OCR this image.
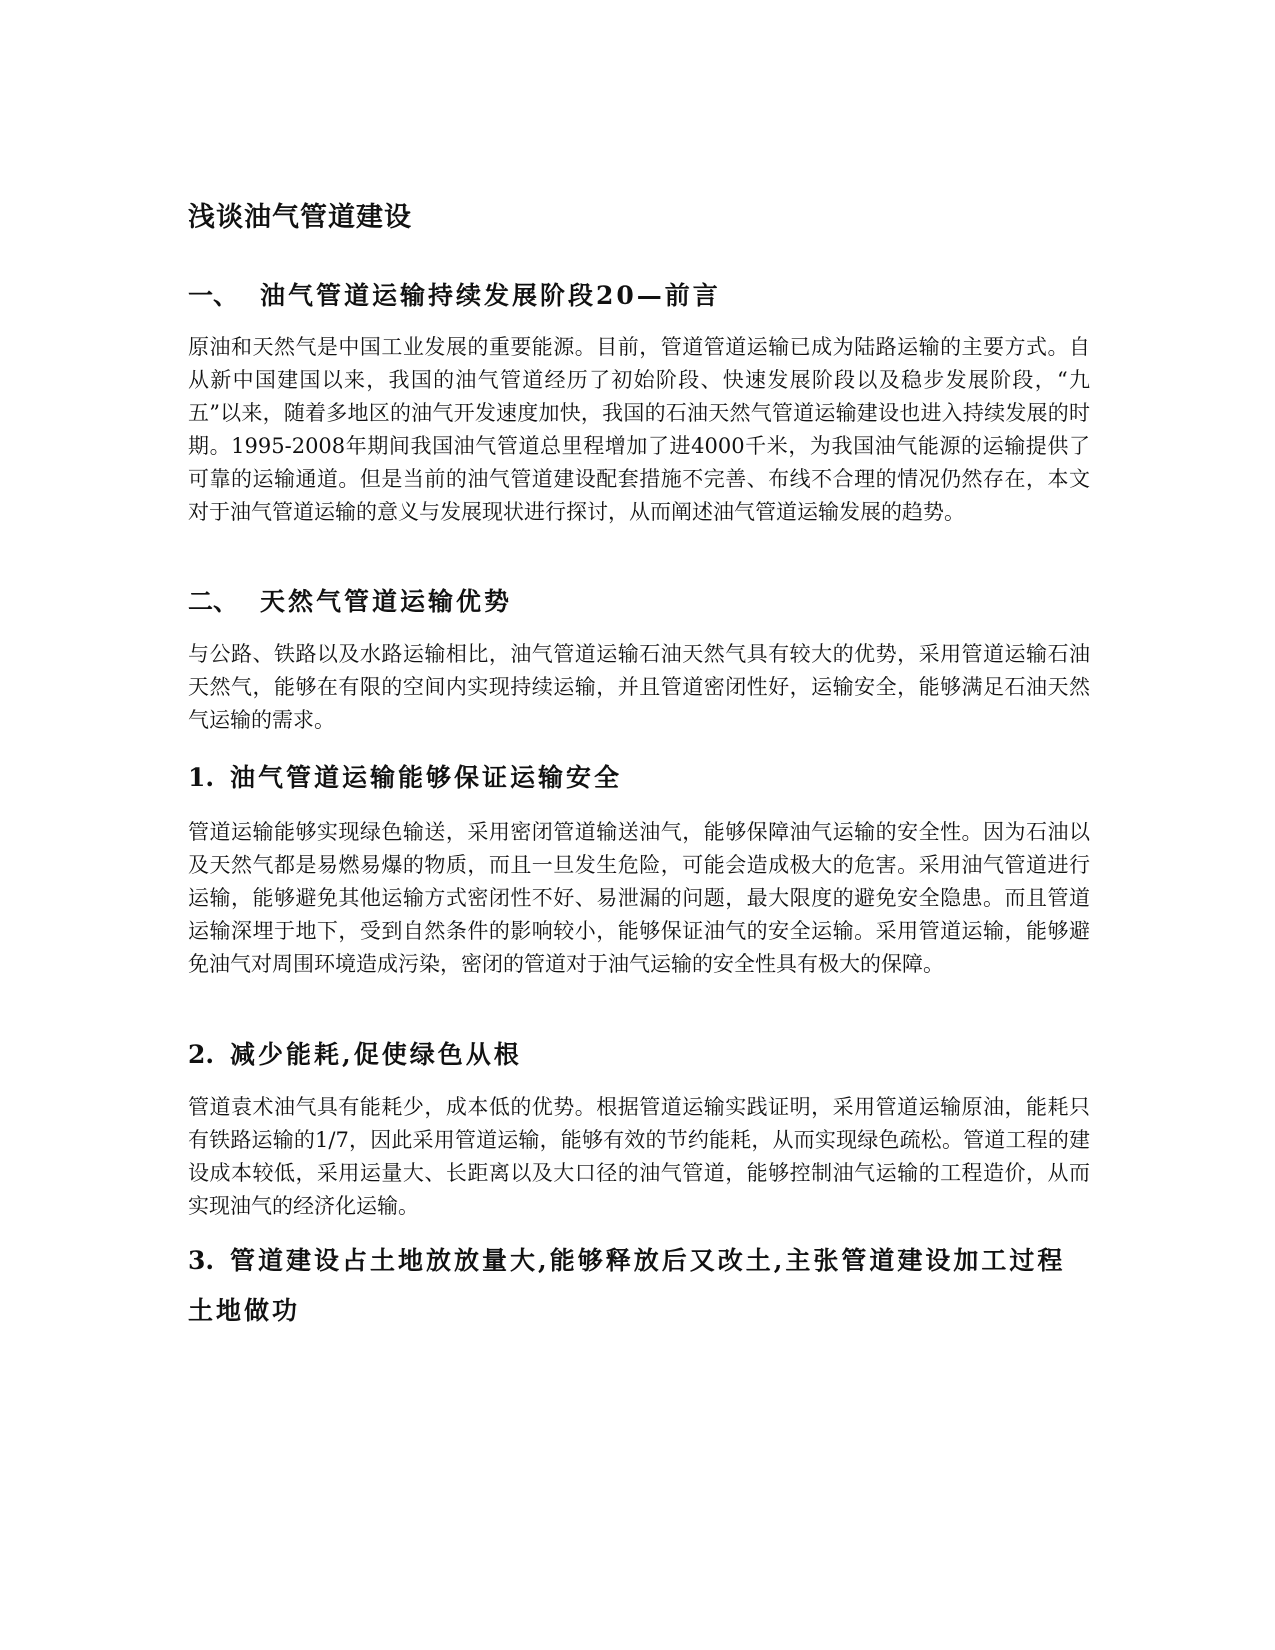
浅谈油气管道建设
一、 油气管道运输持续发展阶段20—前言

原油和天然气是中国工业发展的重要能源。目前，管道管道运输已成为陆路运输的主要方式。自从新中国建国以来，我国的油气管道经历了初始阶段、快速发展阶段以及稳步发展阶段，“九五”以来，随着多地区的油气开发速度加快，我国的石油天然气管道运输建设也进入持续发展的时期。1995-2008年期间我国油气管道总里程增加了进4000千米，为我国油气能源的运输提供了可靠的运输通道。但是当前的油气管道建设配套措施不完善、布线不合理的情况仍然存在，本文对于油气管道运输的意义与发展现状进行探讨，从而阐述油气管道运输发展的趋势。

二、 天然气管道运输优势

与公路、铁路以及水路运输相比，油气管道运输石油天然气具有较大的优势，采用管道运输石油天然气，能够在有限的空间内实现持续运输，并且管道密闭性好，运输安全，能够满足石油天然气运输的需求。

1. 油气管道运输能够保证运输安全

管道运输能够实现绿色输送，采用密闭管道输送油气，能够保障油气运输的安全性。因为石油以及天然气都是易燃易爆的物质，而且一旦发生危险，可能会造成极大的危害。采用油气管道进行运输，能够避免其他运输方式密闭性不好、易泄漏的问题，最大限度的避免安全隐患。而且管道运输深埋于地下，受到自然条件的影响较小，能够保证油气的安全运输。采用管道运输，能够避免油气对周围环境造成污染，密闭的管道对于油气运输的安全性具有极大的保障。

2. 减少能耗,促使绿色从根

管道袁术油气具有能耗少，成本低的优势。根据管道运输实践证明，采用管道运输原油，能耗只有铁路运输的1/7，因此采用管道运输，能够有效的节约能耗，从而实现绿色疏松。管道工程的建设成本较低，采用运量大、长距离以及大口径的油气管道，能够控制油气运输的工程造价，从而实现油气的经济化运输。

3. 管道建设占土地放放量大,能够释放后又改土,主张管道建设加工过程土地做功
